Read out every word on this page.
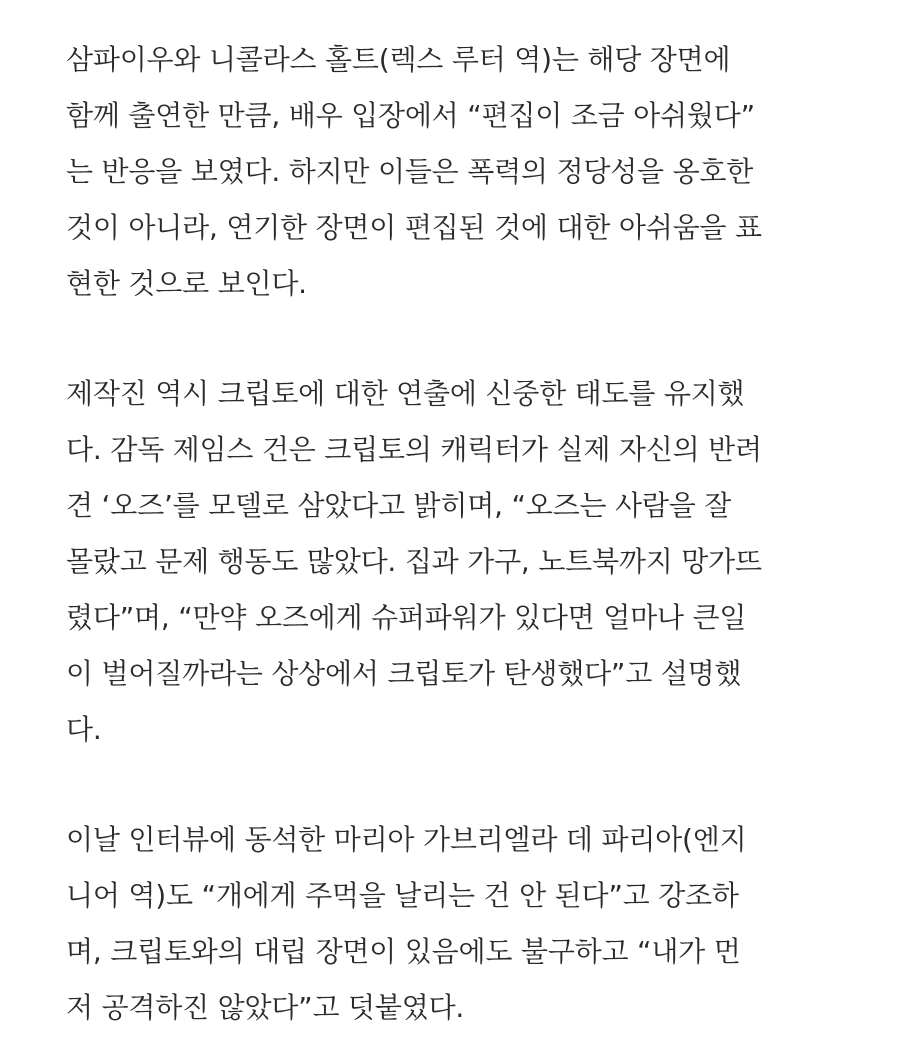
삼파이우와 니콜라스 홀트(렉스 루터 역)는 해당 장면에
함께 출연한 만큼, 배우 입장에서 “편집이 조금 아쉬웠다”
는 반응을 보였다. 하지만 이들은 폭력의 정당성을 옹호한
것이 아니라, 연기한 장면이 편집된 것에 대한 아쉬움을 표
현한 것으로 보인다.

제작진 역시 크립토에 대한 연출에 신중한 태도를 유지했
다. 감독 제임스 건은 크립토의 캐릭터가 실제 자신의 반려
견 ‘오즈’를 모델로 삼았다고 밝히며, “오즈는 사람을 잘
몰랐고 문제 행동도 많았다. 집과 가구, 노트북까지 망가뜨
렸다”며, “만약 오즈에게 슈퍼파워가 있다면 얼마나 큰일
이 벌어질까라는 상상에서 크립토가 탄생했다”고 설명했
다.

이날 인터뷰에 동석한 마리아 가브리엘라 데 파리아(엔지
니어 역)도 “개에게 주먹을 날리는 건 안 된다”고 강조하
며, 크립토와의 대립 장면이 있음에도 불구하고 “내가 먼
저 공격하진 않았다”고 덧붙였다.
